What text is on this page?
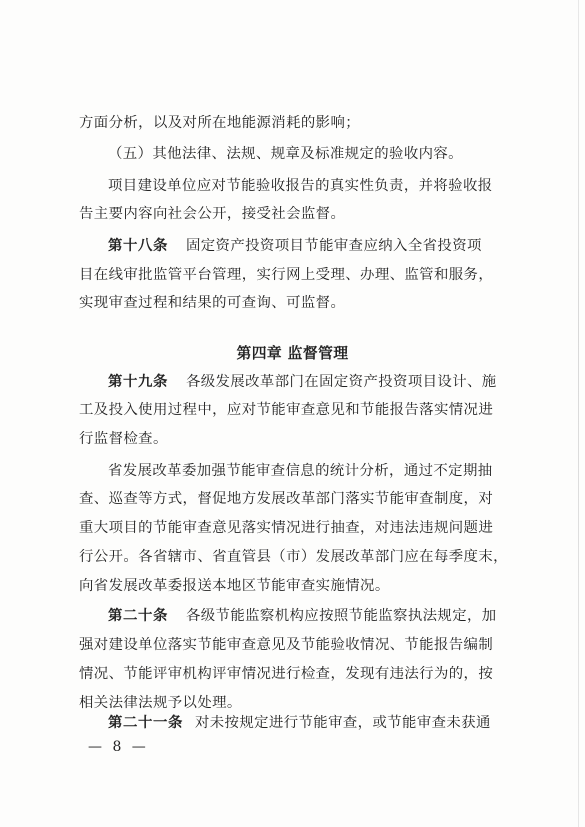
方面分析，以及对所在地能源消耗的影响；
（五）其他法律、法规、规章及标准规定的验收内容。
项目建设单位应对节能验收报告的真实性负责，并将验收报
告主要内容向社会公开，接受社会监督。
第十八条 固定资产投资项目节能审查应纳入全省投资项
目在线审批监管平台管理，实行网上受理、办理、监管和服务，
实现审查过程和结果的可查询、可监督。
第四章 监督管理
第十九条 各级发展改革部门在固定资产投资项目设计、施
工及投入使用过程中，应对节能审查意见和节能报告落实情况进
行监督检查。
省发展改革委加强节能审查信息的统计分析，通过不定期抽
查、巡查等方式，督促地方发展改革部门落实节能审查制度，对
重大项目的节能审查意见落实情况进行抽查，对违法违规问题进
行公开。各省辖市、省直管县（市）发展改革部门应在每季度末，
向省发展改革委报送本地区节能审查实施情况。
第二十条 各级节能监察机构应按照节能监察执法规定，加
强对建设单位落实节能审查意见及节能验收情况、节能报告编制
情况、节能评审机构评审情况进行检查，发现有违法行为的，按
相关法律法规予以处理。
第二十一条 对未按规定进行节能审查，或节能审查未获通
— 8 —
